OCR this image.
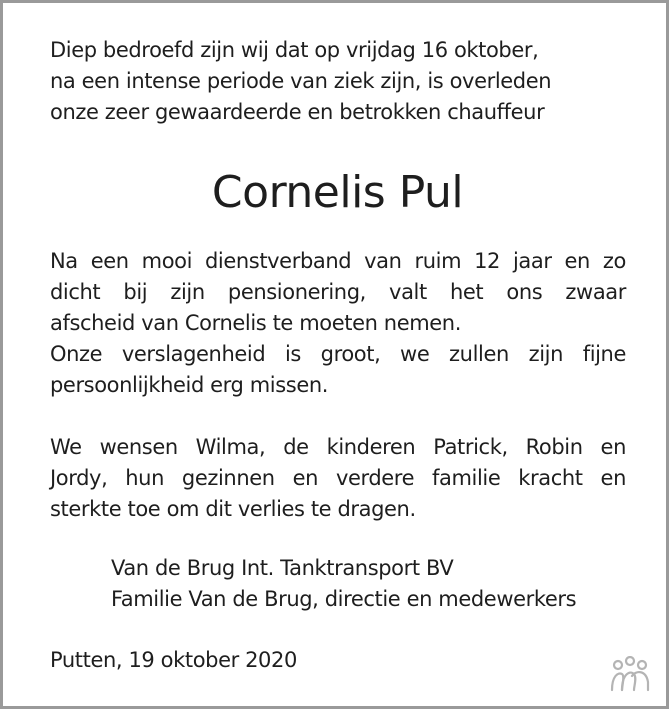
Diep bedroefd zijn wij dat op vrijdag 16 oktober,
na een intense periode van ziek zijn, is overleden
onze zeer gewaardeerde en betrokken chauffeur
Cornelis Pul
Na een mooi dienstverband van ruim 12 jaar en zo
dicht bij zijn pensionering, valt het ons zwaar
afscheid van Cornelis te moeten nemen.
Onze verslagenheid is groot, we zullen zijn fijne
persoonlijkheid erg missen.
We wensen Wilma, de kinderen Patrick, Robin en
Jordy, hun gezinnen en verdere familie kracht en
sterkte toe om dit verlies te dragen.
Van de Brug Int. Tanktransport BV
Familie Van de Brug, directie en medewerkers
Putten, 19 oktober 2020
